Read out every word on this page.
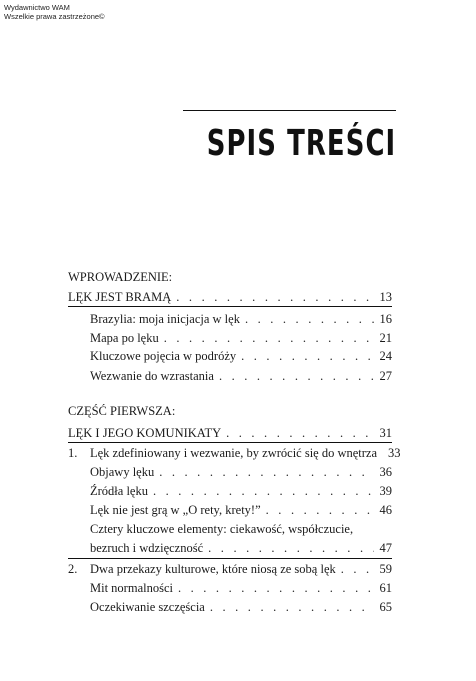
Wydawnictwo WAM
Wszelkie prawa zastrzeżone©
SPIS TREŚCI
WPROWADZENIE:
LĘK JEST BRAMĄ . . .	13
Brazylia: moja inicjacja w lęk . . .	16
Mapa po lęku . . .	21
Kluczowe pojęcia w podróży . . .	24
Wezwanie do wzrastania . . .	27
CZĘŚĆ PIERWSZA:
LĘK I JEGO KOMUNIKATY . . .	31
1.	Lęk zdefiniowany i wezwanie, by zwrócić się do wnętrza 33
Objawy lęku . . .	36
Źródła lęku . . .	39
Lęk nie jest grą w „O rety, krety!” . . .	46
Cztery kluczowe elementy: ciekawość, współczucie,
bezruch i wdzięczność . . .	47
2.	Dwa przekazy kulturowe, które niosą ze sobą lęk . . .	59
Mit normalności . . .	61
Oczekiwanie szczęścia . . .	65
